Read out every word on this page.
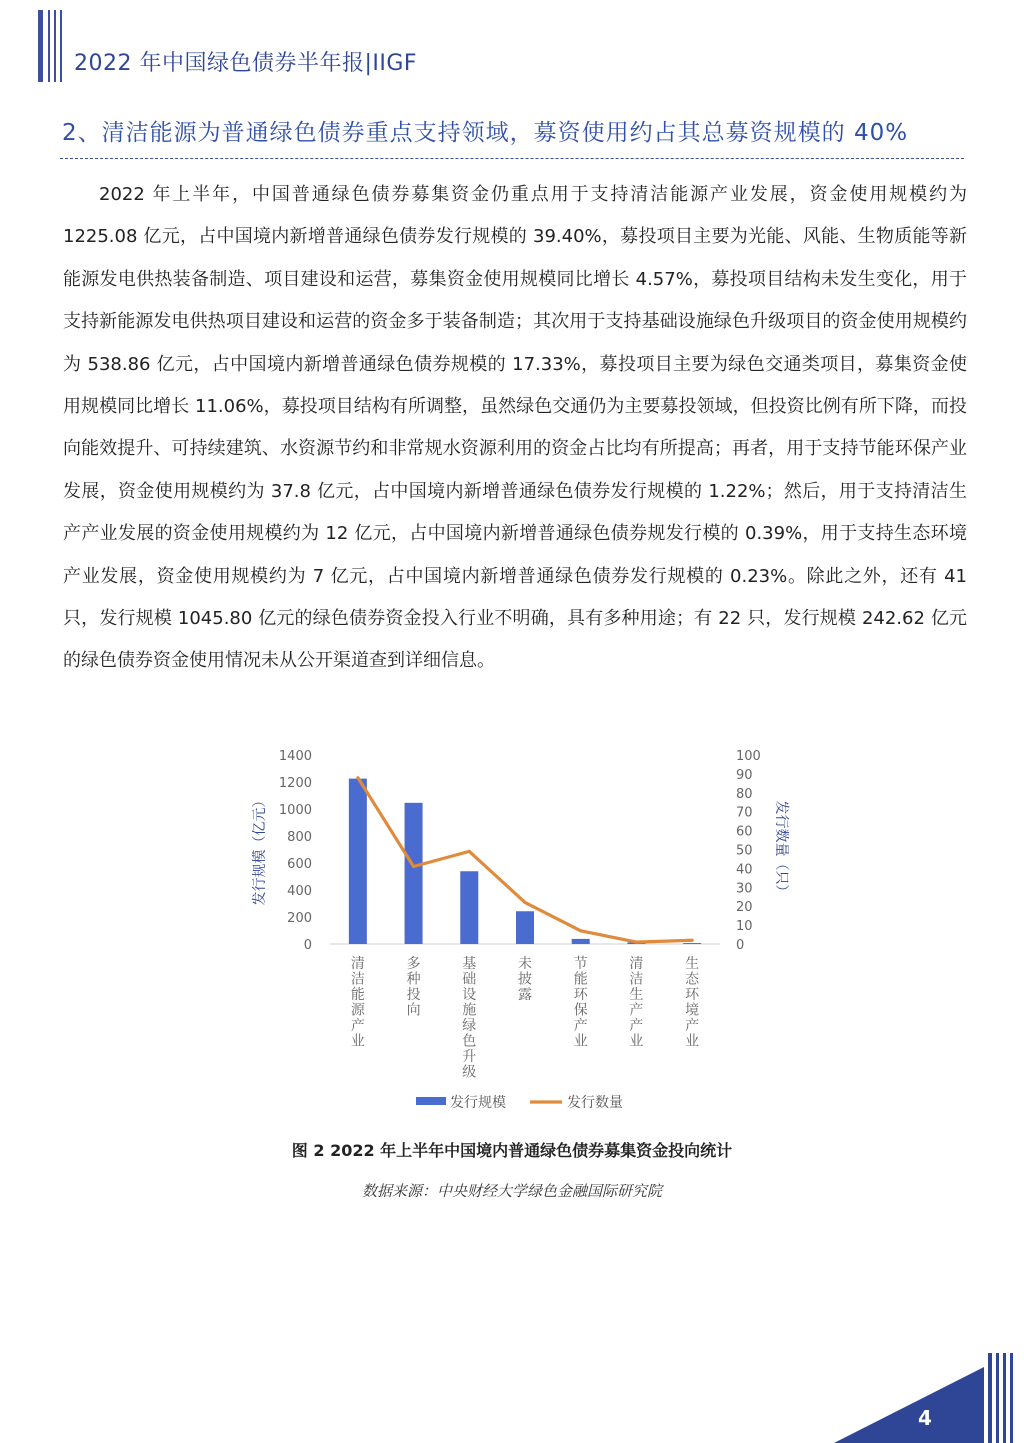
2022 年中国绿色债券半年报|IIGF
2、清洁能源为普通绿色债券重点支持领域，募资使用约占其总募资规模的 40%
2022 年上半年，中国普通绿色债券募集资金仍重点用于支持清洁能源产业发展，资金使用规模约为 1225.08 亿元，占中国境内新增普通绿色债券发行规模的 39.40%，募投项目主要为光能、风能、生物质能等新能源发电供热装备制造、项目建设和运营，募集资金使用规模同比增长 4.57%，募投项目结构未发生变化，用于支持新能源发电供热项目建设和运营的资金多于装备制造；其次用于支持基础设施绿色升级项目的资金使用规模约为 538.86 亿元，占中国境内新增普通绿色债券规模的 17.33%，募投项目主要为绿色交通类项目，募集资金使用规模同比增长 11.06%，募投项目结构有所调整，虽然绿色交通仍为主要募投领域，但投资比例有所下降，而投向能效提升、可持续建筑、水资源节约和非常规水资源利用的资金占比均有所提高；再者，用于支持节能环保产业发展，资金使用规模约为 37.8 亿元，占中国境内新增普通绿色债券发行规模的 1.22%；然后，用于支持清洁生产产业发展的资金使用规模约为 12 亿元，占中国境内新增普通绿色债券规发行模的 0.39%，用于支持生态环境产业发展，资金使用规模约为 7 亿元，占中国境内新增普通绿色债券发行规模的 0.23%。除此之外，还有 41 只，发行规模 1045.80 亿元的绿色债券资金投入行业不明确，具有多种用途；有 22 只，发行规模 242.62 亿元的绿色债券资金使用情况未从公开渠道查到详细信息。
0
200
400
600
800
1000
1200
1400
0
10
20
30
40
50
60
70
80
90
100
发行规模（亿元）	发行数量（只）
清洁能源产业
多种投向
基础设施绿色升级
未披露
节能环保产业
清洁生产产业
生态环境产业
发行规模	发行数量
图 2 2022 年上半年中国境内普通绿色债券募集资金投向统计
数据来源：中央财经大学绿色金融国际研究院
4
